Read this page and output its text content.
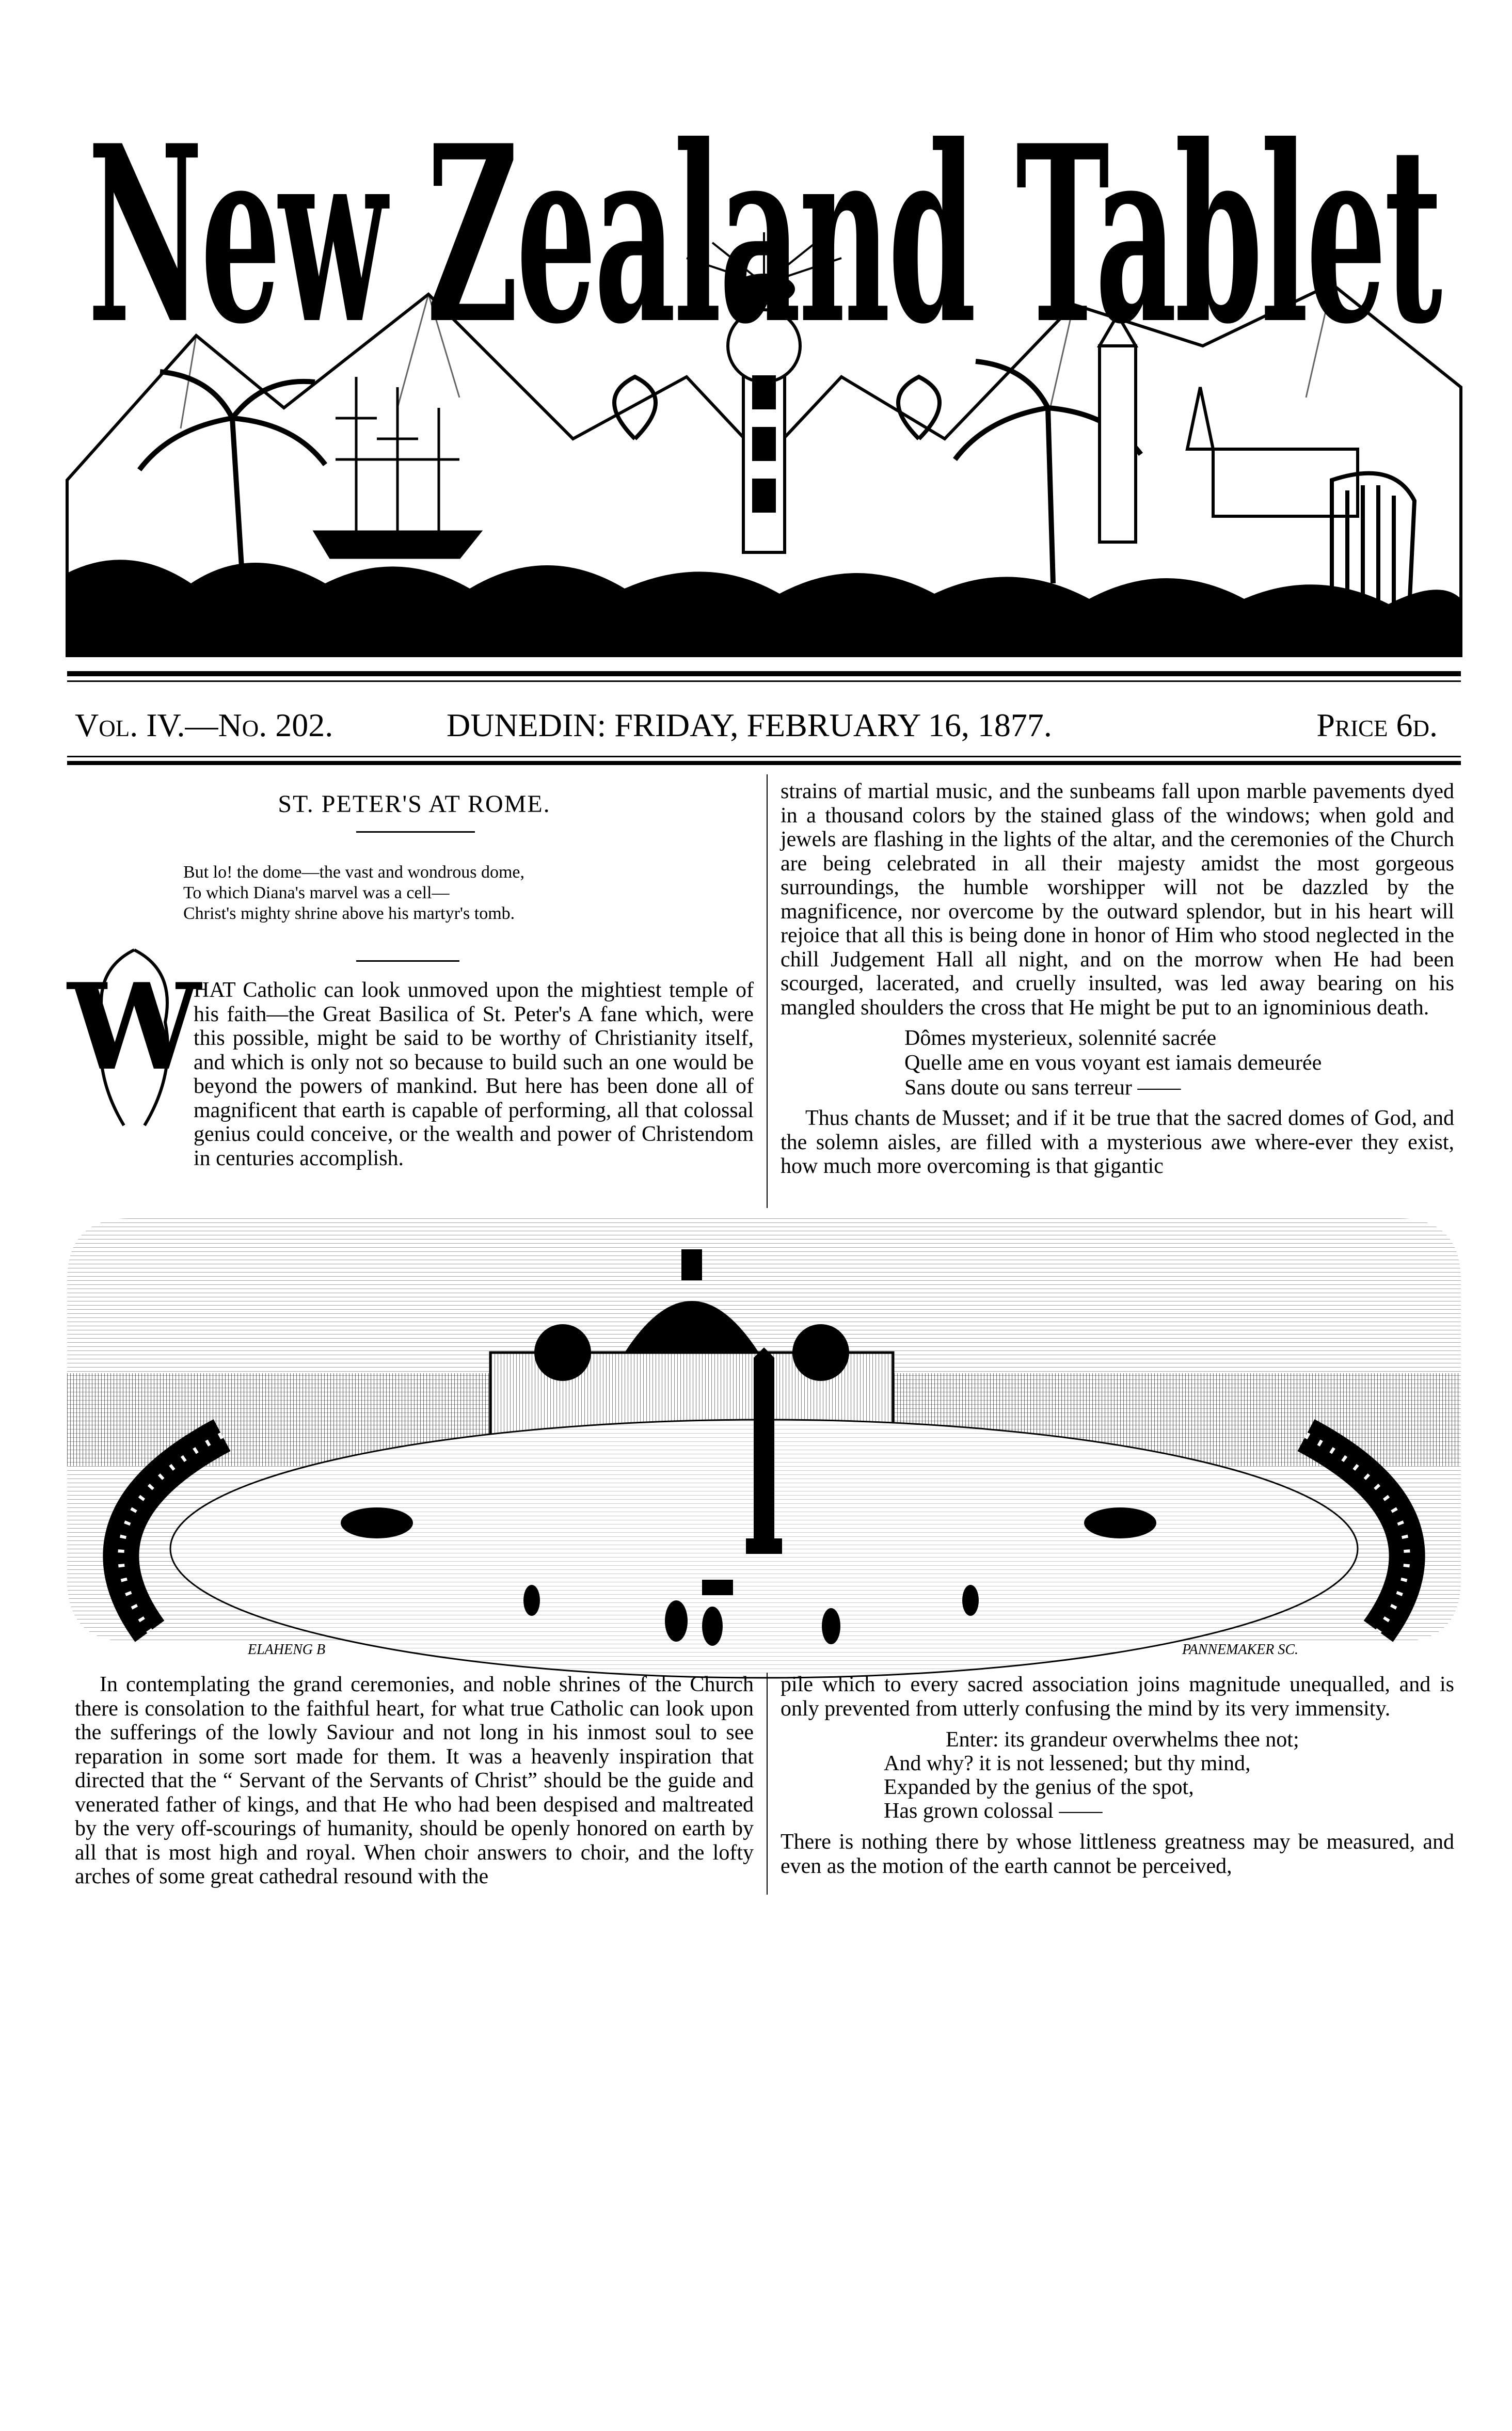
New Zealand Tablet
Vol. IV.—No. 202.	DUNEDIN: FRIDAY, FEBRUARY 16, 1877.	Price 6d.
ST. PETER'S AT ROME.
But lo! the dome—the vast and wondrous dome,
To which Diana's marvel was a cell—
Christ's mighty shrine above his martyr's tomb.
W

HAT Catholic can look unmoved upon the mightiest temple of his faith—the Great Basilica of St. Peter's A fane which, were this possible, might be said to be worthy of Christianity itself, and which is only not so because to build such an one would be beyond the powers of mankind. But here has been done all of magnificent that earth is capable of performing, all that colossal genius could conceive, or the wealth and power of Christendom in centuries accomplish.

strains of martial music, and the sunbeams fall upon marble pavements dyed in a thousand colors by the stained glass of the windows; when gold and jewels are flashing in the lights of the altar, and the ceremonies of the Church are being celebrated in all their majesty amidst the most gorgeous surroundings, the humble worshipper will not be dazzled by the magnificence, nor overcome by the outward splendor, but in his heart will rejoice that all this is being done in honor of Him who stood neglected in the chill Judgement Hall all night, and on the morrow when He had been scourged, lacerated, and cruelly insulted, was led away bearing on his mangled shoulders the cross that He might be put to an ignominious death.

Dômes mysterieux, solennité sacrée
Quelle ame en vous voyant est iamais demeurée
Sans doute ou sans terreur ——

Thus chants de Musset; and if it be true that the sacred domes of God, and the solemn aisles, are filled with a mysterious awe where-ever they exist, how much more overcoming is that gigantic

ELAHENG B	PANNEMAKER SC.

In contemplating the grand ceremonies, and noble shrines of the Church there is consolation to the faithful heart, for what true Catholic can look upon the sufferings of the lowly Saviour and not long in his inmost soul to see reparation in some sort made for them. It was a heavenly inspiration that directed that the “ Servant of the Servants of Christ” should be the guide and venerated father of kings, and that He who had been despised and maltreated by the very off-scourings of humanity, should be openly honored on earth by all that is most high and royal. When choir answers to choir, and the lofty arches of some great cathedral resound with the

pile which to every sacred association joins magnitude unequalled, and is only prevented from utterly confusing the mind by its very immensity.

Enter: its grandeur overwhelms thee not;
And why? it is not lessened; but thy mind,
Expanded by the genius of the spot,
Has grown colossal ——

There is nothing there by whose littleness greatness may be measured, and even as the motion of the earth cannot be perceived,
